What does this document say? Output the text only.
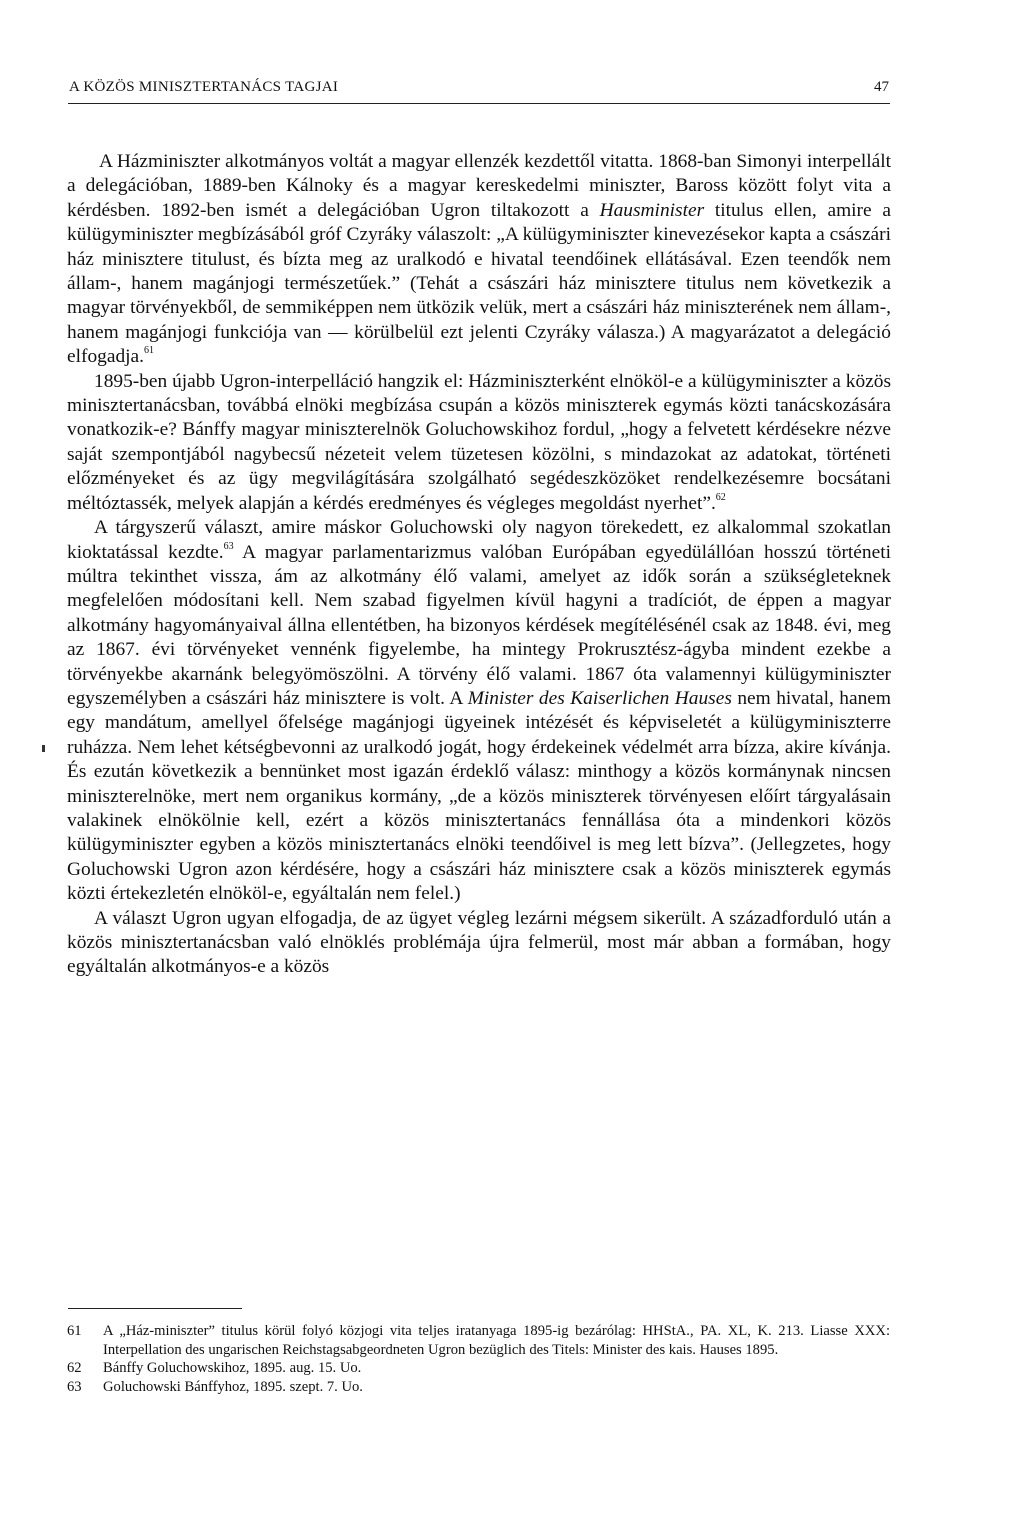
A KÖZÖS MINISZTERTANÁCS TAGJAI	47

A Házminiszter alkotmányos voltát a magyar ellenzék kezdettől vitatta. 1868-ban Simonyi interpellált a delegációban, 1889-ben Kálnoky és a magyar kereskedelmi miniszter, Baross között folyt vita a kérdésben. 1892-ben ismét a delegációban Ugron tiltakozott a Hausminister titulus ellen, amire a külügyminiszter megbízásából gróf Czyráky válaszolt: „A külügyminiszter kinevezésekor kapta a császári ház minisztere titulust, és bízta meg az uralkodó e hivatal teendőinek ellátásával. Ezen teendők nem állam-, hanem magánjogi természetűek.” (Tehát a császári ház minisztere titulus nem következik a magyar törvényekből, de semmiképpen nem ütközik velük, mert a császári ház miniszterének nem állam-, hanem magánjogi funkciója van — körülbelül ezt jelenti Czyráky válasza.) A magyarázatot a delegáció elfogadja.$^{61}$

1895-ben újabb Ugron-interpelláció hangzik el: Házminiszterként elnököl-e a külügyminiszter a közös minisztertanácsban, továbbá elnöki megbízása csupán a közös miniszterek egymás közti tanácskozására vonatkozik-e? Bánffy magyar miniszterelnök Goluchowskihoz fordul, „hogy a felvetett kérdésekre nézve saját szempontjából nagybecsű nézeteit velem tüzetesen közölni, s mindazokat az adatokat, történeti előzményeket és az ügy megvilágítására szolgálható segédeszközöket rendelkezésemre bocsátani méltóztassék, melyek alapján a kérdés eredményes és végleges megoldást nyerhet”.$^{62}$

A tárgyszerű választ, amire máskor Goluchowski oly nagyon törekedett, ez alkalommal szokatlan kioktatással kezdte.$^{63}$ A magyar parlamentarizmus valóban Európában egyedülállóan hosszú történeti múltra tekinthet vissza, ám az alkotmány élő valami, amelyet az idők során a szükségleteknek megfelelően módosítani kell. Nem szabad figyelmen kívül hagyni a tradíciót, de éppen a magyar alkotmány hagyományaival állna ellentétben, ha bizonyos kérdések megítélésénél csak az 1848. évi, meg az 1867. évi törvényeket vennénk figyelembe, ha mintegy Prokrusztész-ágyba mindent ezekbe a törvényekbe akarnánk belegyömöszölni. A törvény élő valami. 1867 óta valamennyi külügyminiszter egyszemélyben a császári ház minisztere is volt. A Minister des Kaiserlichen Hauses nem hivatal, hanem egy mandátum, amellyel őfelsége magánjogi ügyeinek intézését és képviseletét a külügyminiszterre ruházza. Nem lehet kétségbevonni az uralkodó jogát, hogy érdekeinek védelmét arra bízza, akire kívánja. És ezután következik a bennünket most igazán érdeklő válasz: minthogy a közös kormánynak nincsen miniszterelnöke, mert nem organikus kormány, „de a közös miniszterek törvényesen előírt tárgyalásain valakinek elnökölnie kell, ezért a közös minisztertanács fennállása óta a mindenkori közös külügyminiszter egyben a közös minisztertanács elnöki teendőivel is meg lett bízva”. (Jellegzetes, hogy Goluchowski Ugron azon kérdésére, hogy a császári ház minisztere csak a közös miniszterek egymás közti értekezletén elnököl-e, egyáltalán nem felel.)

A választ Ugron ugyan elfogadja, de az ügyet végleg lezárni mégsem sikerült. A századforduló után a közös minisztertanácsban való elnöklés problémája újra felmerül, most már abban a formában, hogy egyáltalán alkotmányos-e a közös

61	A „Ház-miniszter” titulus körül folyó közjogi vita teljes iratanyaga 1895-ig bezárólag: HHStA., PA. XL, K. 213. Liasse XXX: Interpellation des ungarischen Reichstagsabgeordneten Ugron bezüglich des Titels: Minister des kais. Hauses 1895.

62	Bánffy Goluchowskihoz, 1895. aug. 15. Uo.

63	Goluchowski Bánffyhoz, 1895. szept. 7. Uo.
